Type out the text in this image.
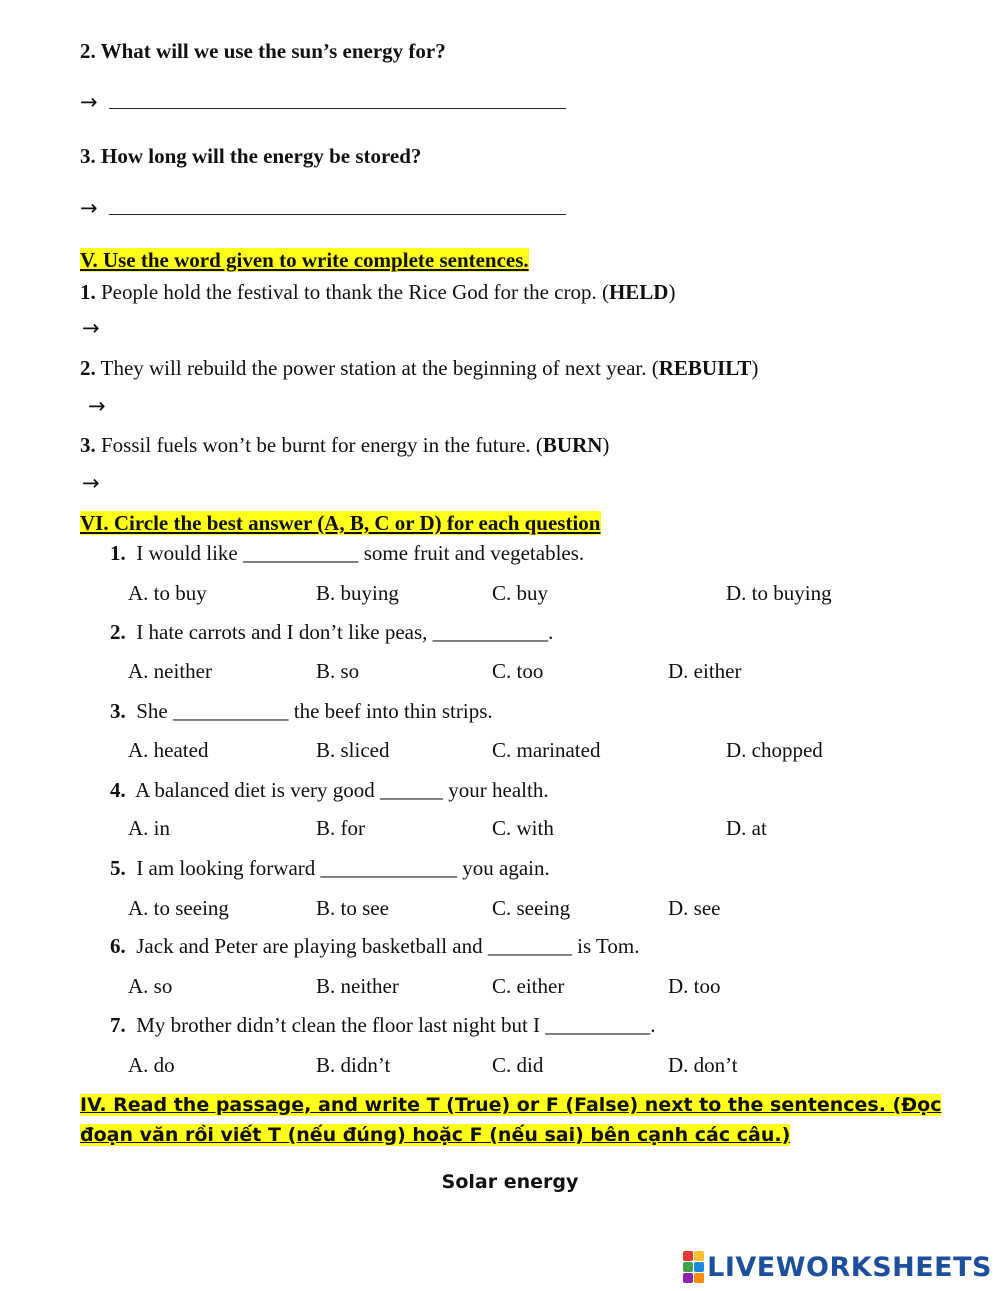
2. What will we use the sun’s energy for?
→
3. How long will the energy be stored?
→
V. Use the word given to write complete sentences.
1. People hold the festival to thank the Rice God for the crop. (HELD)
→
2. They will rebuild the power station at the beginning of next year. (REBUILT)
→
3. Fossil fuels won’t be burnt for energy in the future. (BURN)
→
VI. Circle the best answer (A, B, C or D) for each question
1. I would like ___________ some fruit and vegetables.
A. to buy	B. buying	C. buy	D. to buying
2. I hate carrots and I don’t like peas, ___________.
A. neither	B. so	C. too	D. either
3. She ___________ the beef into thin strips.
A. heated	B. sliced	C. marinated	D. chopped
4. A balanced diet is very good ______ your health.
A. in	B. for	C. with	D. at
5. I am looking forward _____________ you again.
A. to seeing	B. to see	C. seeing	D. see
6. Jack and Peter are playing basketball and ________ is Tom.
A. so	B. neither	C. either	D. too
7. My brother didn’t clean the floor last night but I __________.
A. do	B. didn’t	C. did	D. don’t
IV. Read the passage, and write T (True) or F (False) next to the sentences. (Đọc
đoạn văn rồi viết T (nếu đúng) hoặc F (nếu sai) bên cạnh các câu.)
Solar energy
LIVEWORKSHEETS
